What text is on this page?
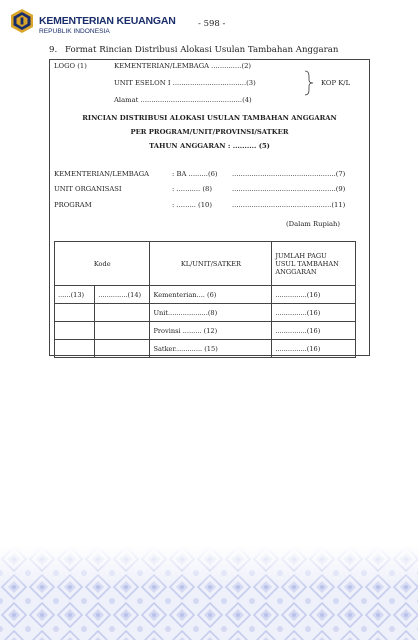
KEMENTERIAN KEUANGAN
REPUBLIK INDONESIA
- 598 -
9. Format Rincian Distribusi Alokasi Usulan Tambahan Anggaran
LOGO (1)	KEMENTERIAN/LEMBAGA ..............(2)
UNIT ESELON I ..................................(3)	KOP K/L
Alamat ...............................................(4)
RINCIAN DISTRIBUSI ALOKASI USULAN TAMBAHAN ANGGARAN
PER PROGRAM/UNIT/PROVINSI/SATKER
TAHUN ANGGARAN : .......... (5)
KEMENTERIAN/LEMBAGA	: BA .........(6) ................................................(7)
UNIT ORGANISASI	: ........... (8)	................................................(9)
PROGRAM	: ......... (10)	..............................................(11)
(Dalam Rupiah)
Kode		KL/UNIT/SATKER	JUMLAH PAGU
USUL TAMBAHAN
ANGGARAN

......(13)	..............(14)	Kementerian.... (6)	...............(16)
		Unit...................(8)	...............(16)
		Provinsi ......... (12)	...............(16)
		Satker............. (15)	...............(16)
